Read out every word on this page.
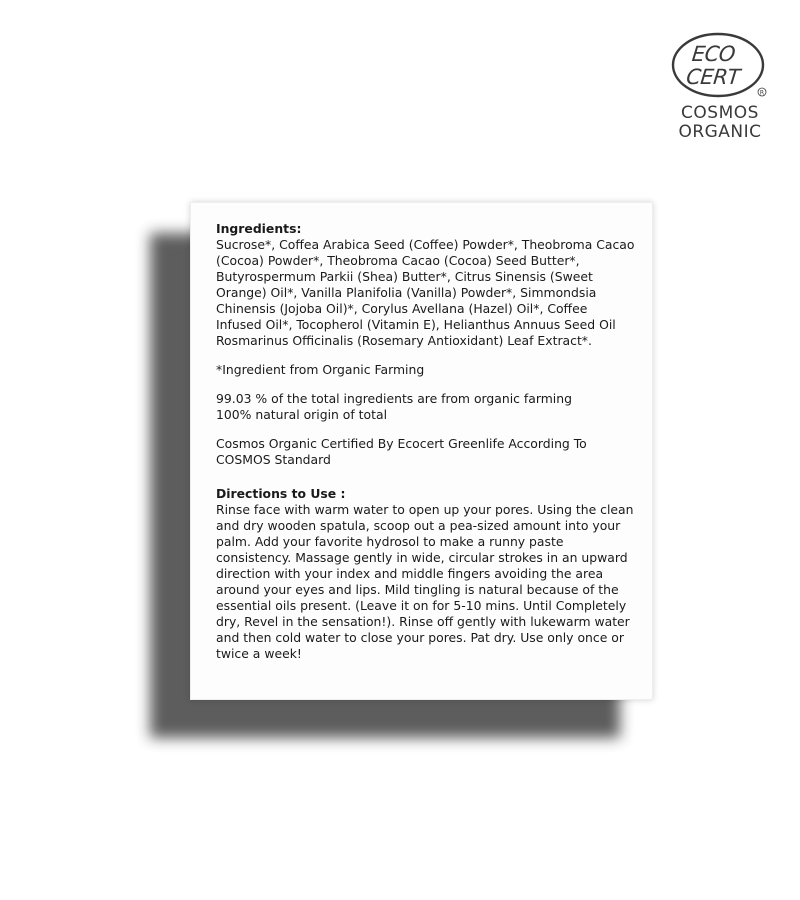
ECO
CERT
R
COSMOS
ORGANIC
Ingredients:

Sucrose*, Coffea Arabica Seed (Coffee) Powder*, Theobroma Cacao (Cocoa) Powder*, Theobroma Cacao (Cocoa) Seed Butter*, Butyrospermum Parkii (Shea) Butter*, Citrus Sinensis (Sweet Orange) Oil*, Vanilla Planifolia (Vanilla) Powder*, Simmondsia Chinensis (Jojoba Oil)*, Corylus Avellana (Hazel) Oil*, Coffee Infused Oil*, Tocopherol (Vitamin E), Helianthus Annuus Seed Oil Rosmarinus Officinalis (Rosemary Antioxidant) Leaf Extract*.

*Ingredient from Organic Farming

99.03 % of the total ingredients are from organic farming

100% natural origin of total

Cosmos Organic Certified By Ecocert Greenlife According To COSMOS Standard

Directions to Use :

Rinse face with warm water to open up your pores. Using the clean and dry wooden spatula, scoop out a pea-sized amount into your palm. Add your favorite hydrosol to make a runny paste consistency. Massage gently in wide, circular strokes in an upward direction with your index and middle fingers avoiding the area around your eyes and lips. Mild tingling is natural because of the essential oils present. (Leave it on for 5-10 mins. Until Completely dry, Revel in the sensation!). Rinse off gently with lukewarm water and then cold water to close your pores. Pat dry. Use only once or twice a week!
